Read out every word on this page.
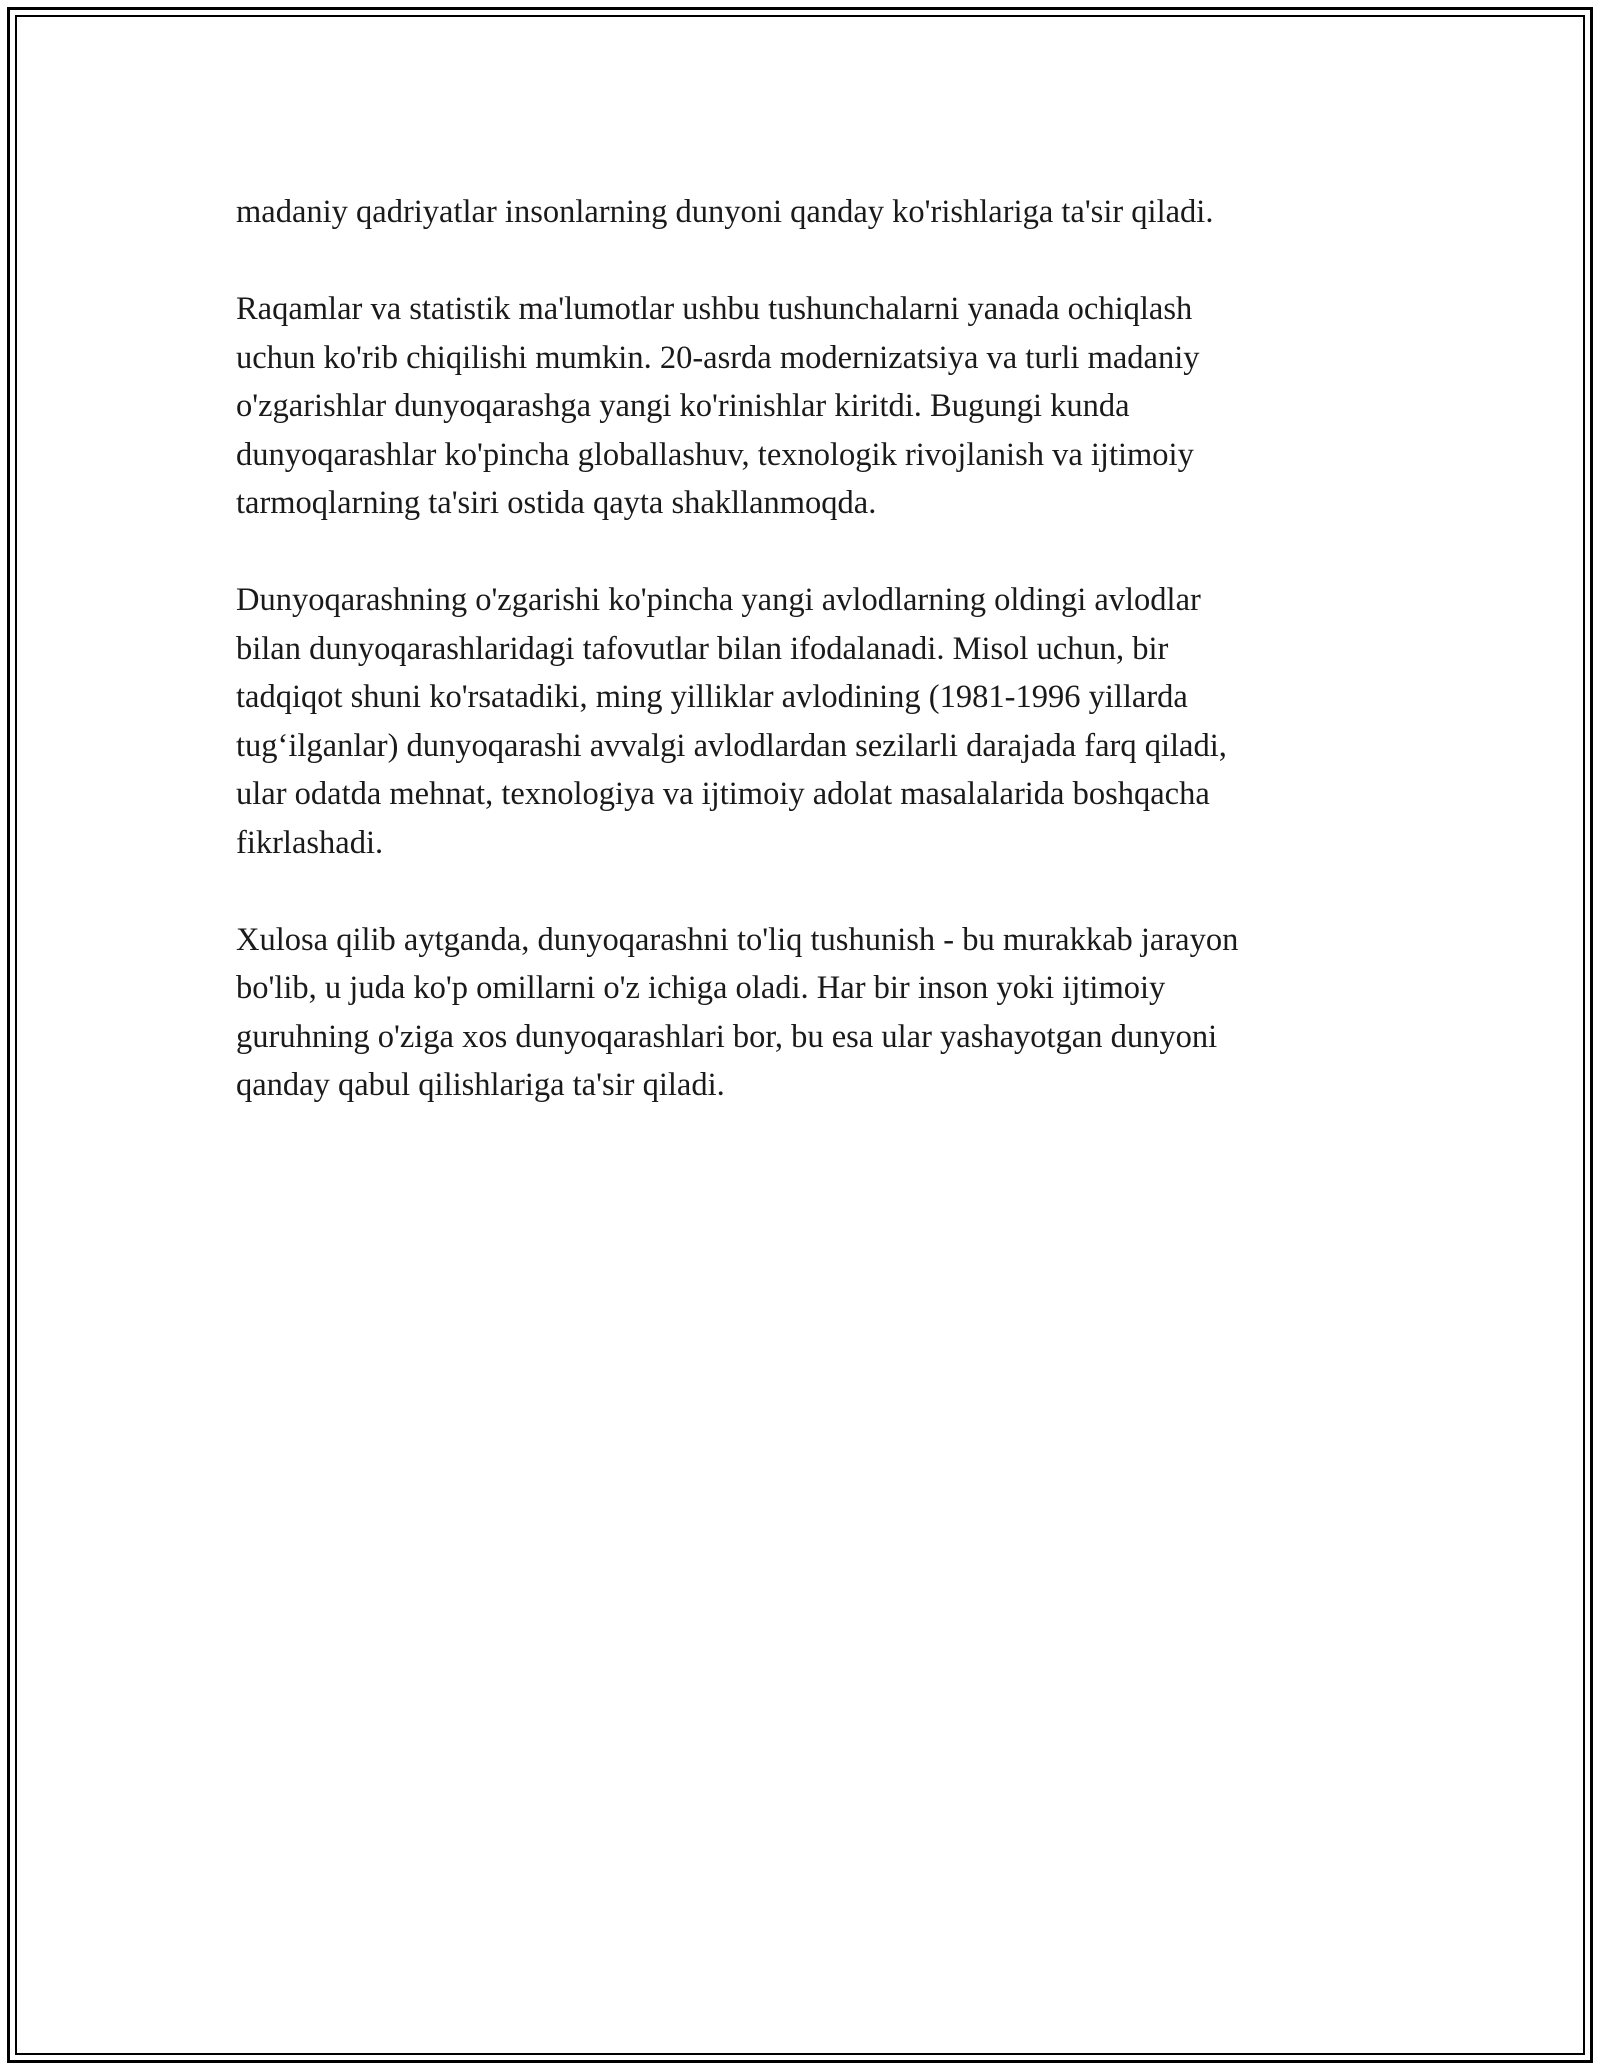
madaniy qadriyatlar insonlarning dunyoni qanday ko'rishlariga ta'sir qiladi.

Raqamlar va statistik ma'lumotlar ushbu tushunchalarni yanada ochiqlash
uchun ko'rib chiqilishi mumkin. 20-asrda modernizatsiya va turli madaniy
o'zgarishlar dunyoqarashga yangi ko'rinishlar kiritdi. Bugungi kunda
dunyoqarashlar ko'pincha globallashuv, texnologik rivojlanish va ijtimoiy
tarmoqlarning ta'siri ostida qayta shakllanmoqda.

Dunyoqarashning o'zgarishi ko'pincha yangi avlodlarning oldingi avlodlar
bilan dunyoqarashlaridagi tafovutlar bilan ifodalanadi. Misol uchun, bir
tadqiqot shuni ko'rsatadiki, ming yilliklar avlodining (1981-1996 yillarda
tug‘ilganlar) dunyoqarashi avvalgi avlodlardan sezilarli darajada farq qiladi,
ular odatda mehnat, texnologiya va ijtimoiy adolat masalalarida boshqacha
fikrlashadi.

Xulosa qilib aytganda, dunyoqarashni to'liq tushunish - bu murakkab jarayon
bo'lib, u juda ko'p omillarni o'z ichiga oladi. Har bir inson yoki ijtimoiy
guruhning o'ziga xos dunyoqarashlari bor, bu esa ular yashayotgan dunyoni
qanday qabul qilishlariga ta'sir qiladi.
